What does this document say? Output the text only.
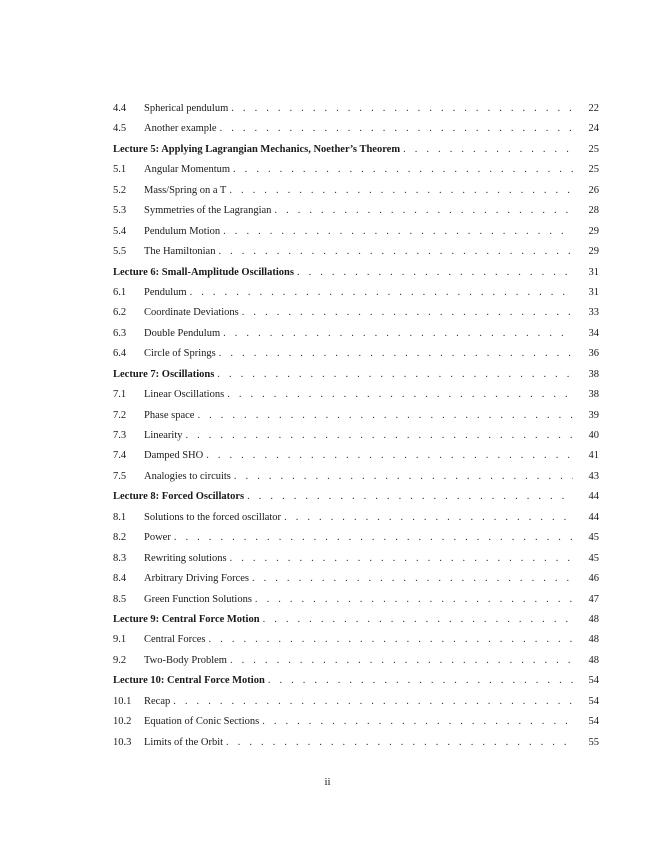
4.4	Spherical pendulum . . .	22
4.5	Another example . . .	24
Lecture 5: Applying Lagrangian Mechanics, Noether’s Theorem . . .	25
5.1	Angular Momentum . . .	25
5.2	Mass/Spring on a T . . .	26
5.3	Symmetries of the Lagrangian . . .	28
5.4	Pendulum Motion . . .	29
5.5	The Hamiltonian . . .	29
Lecture 6: Small-Amplitude Oscillations . . .	31
6.1	Pendulum . . .	31
6.2	Coordinate Deviations . . .	33
6.3	Double Pendulum . . .	34
6.4	Circle of Springs . . .	36
Lecture 7: Oscillations . . .	38
7.1	Linear Oscillations . . .	38
7.2	Phase space . . .	39
7.3	Linearity . . .	40
7.4	Damped SHO . . .	41
7.5	Analogies to circuits . . .	43
Lecture 8: Forced Oscillators . . .	44
8.1	Solutions to the forced oscillator . . .	44
8.2	Power . . .	45
8.3	Rewriting solutions . . .	45
8.4	Arbitrary Driving Forces . . .	46
8.5	Green Function Solutions . . .	47
Lecture 9: Central Force Motion . . .	48
9.1	Central Forces . . .	48
9.2	Two-Body Problem . . .	48
Lecture 10: Central Force Motion . . .	54
10.1	Recap . . .	54
10.2	Equation of Conic Sections . . .	54
10.3	Limits of the Orbit . . .	55
ii
